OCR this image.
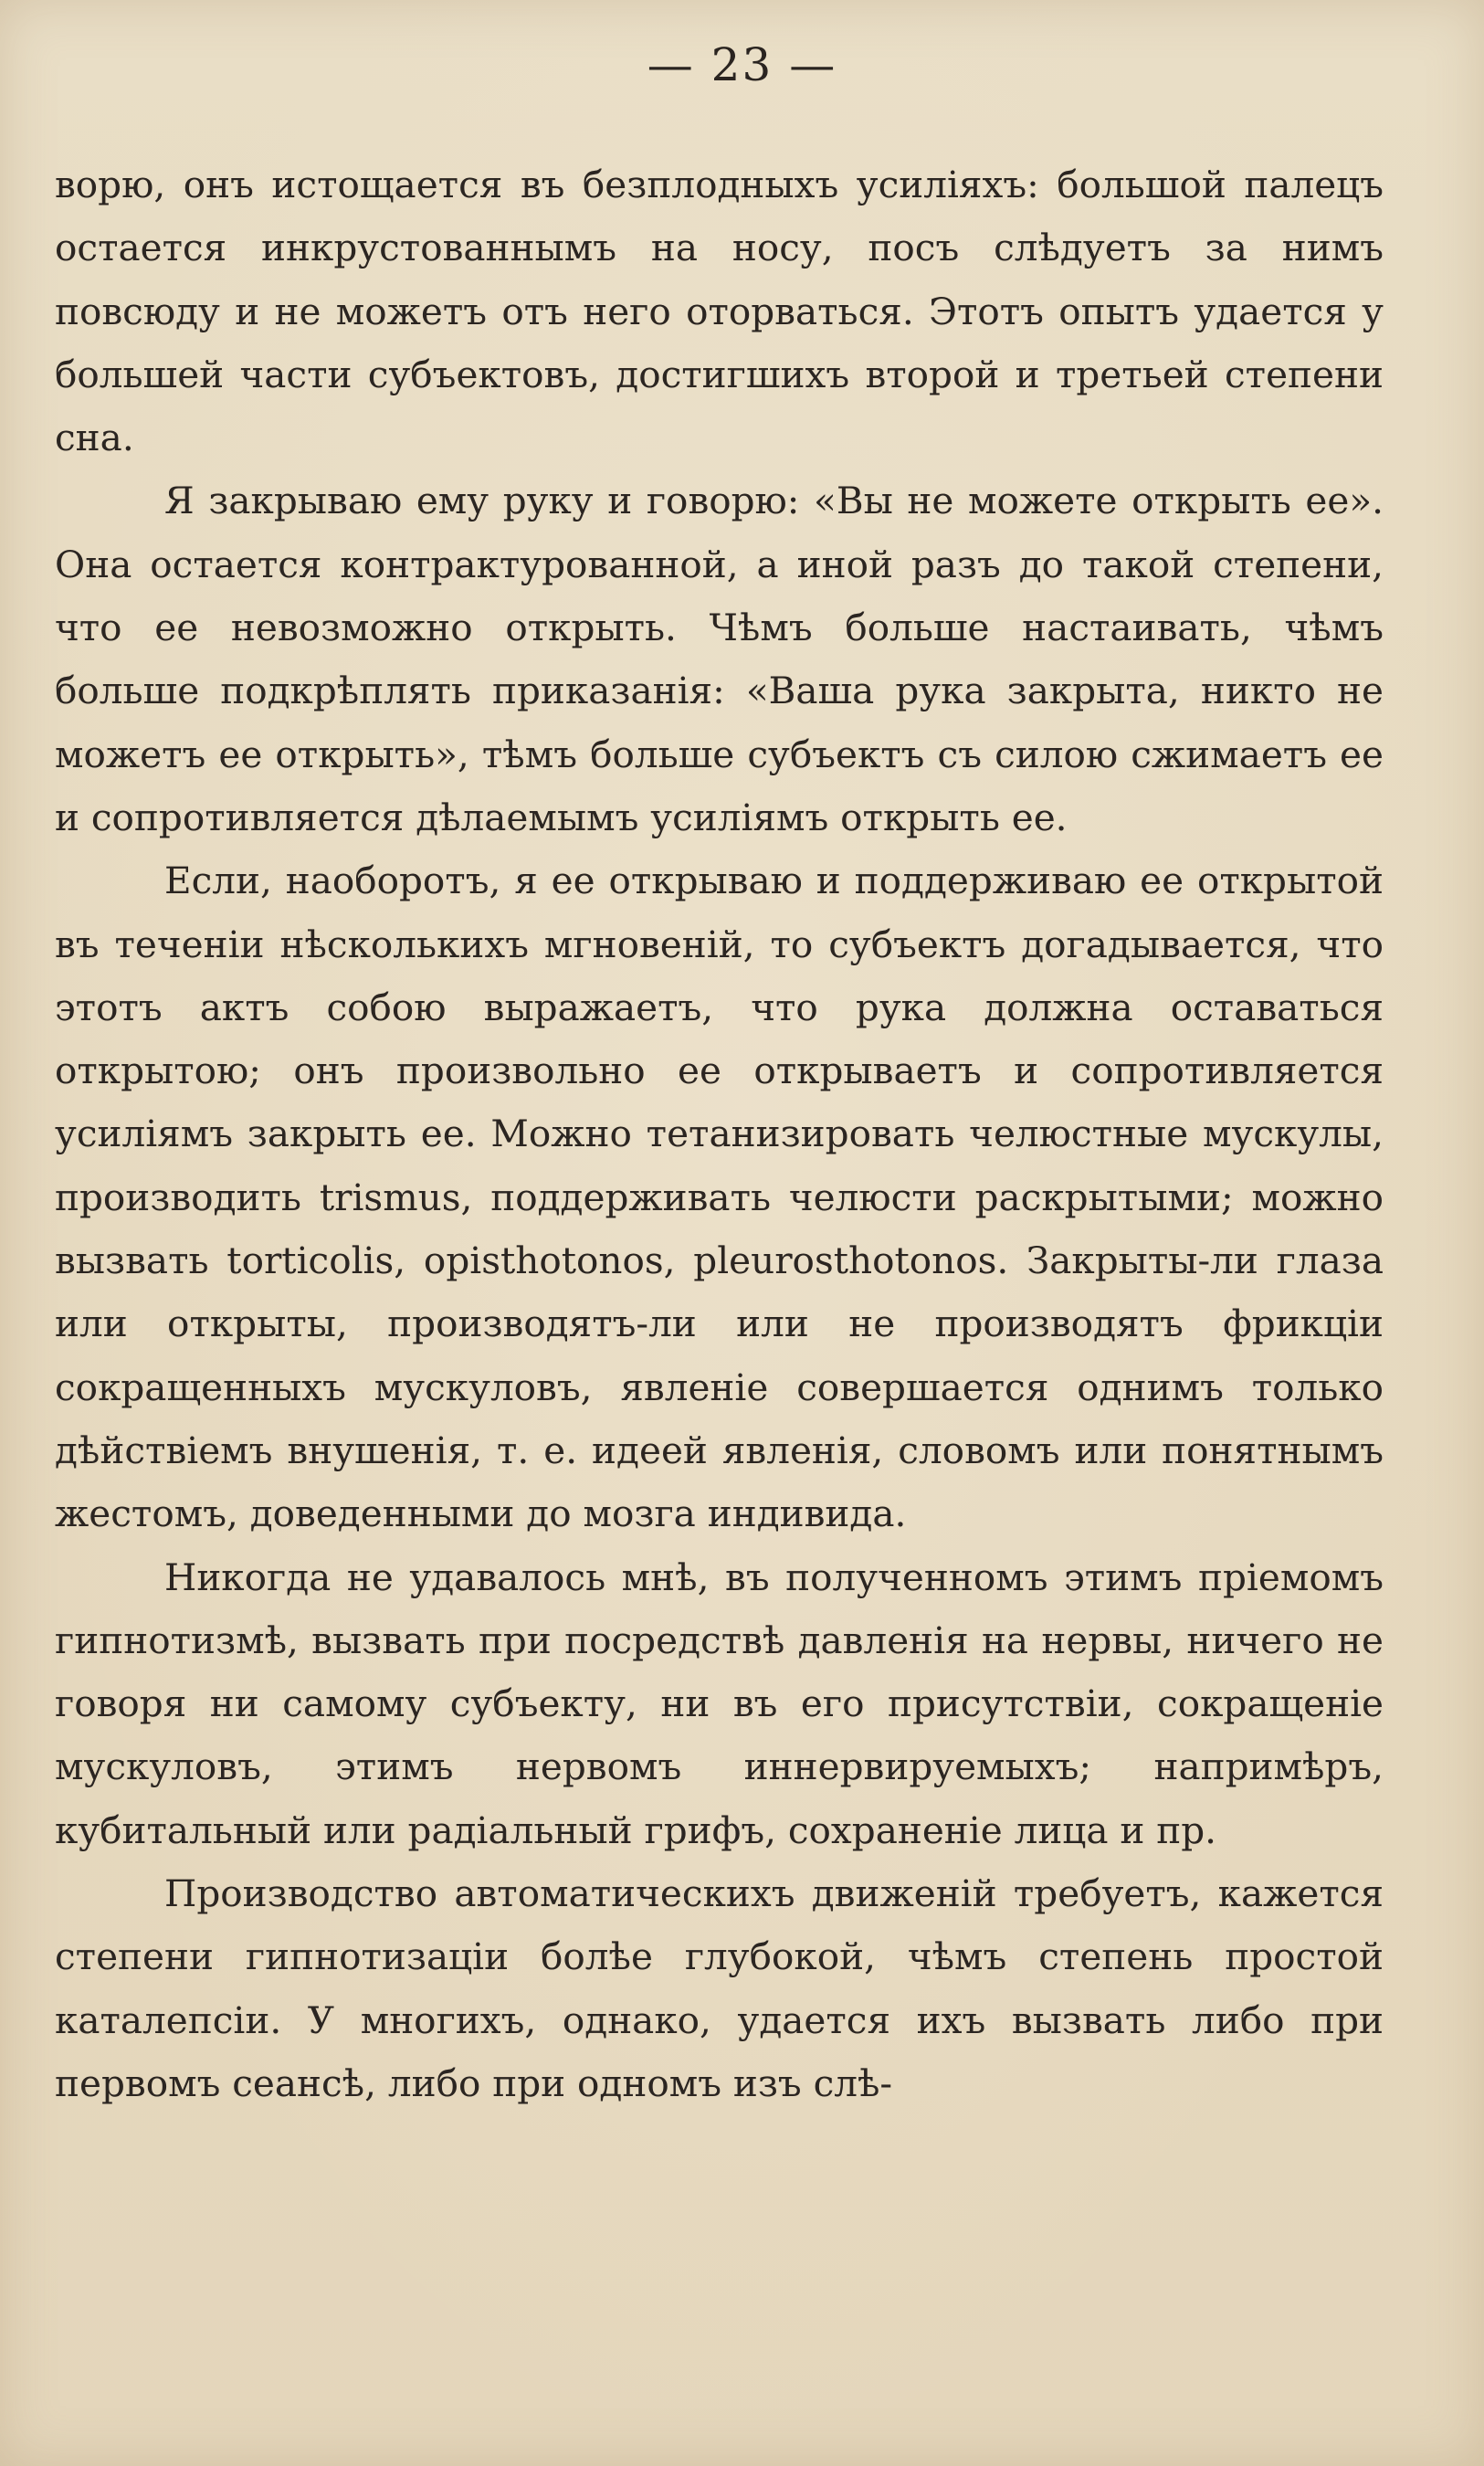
— 23 —

ворю, онъ истощается въ безплодныхъ усиліяхъ: большой палецъ остается инкрустованнымъ на носу, посъ слѣдуетъ за нимъ повсюду и не можетъ отъ него оторваться. Этотъ опытъ удается у большей части субъектовъ, достигшихъ второй и третьей степени сна.

Я закрываю ему руку и говорю: «Вы не можете открыть ее». Она остается контрактурованной, а иной разъ до такой степени, что ее невозможно открыть. Чѣмъ больше настаивать, чѣмъ больше подкрѣплять приказанія: «Ваша рука закрыта, никто не можетъ ее открыть», тѣмъ больше субъектъ съ силою сжимаетъ ее и сопротивляется дѣлаемымъ усиліямъ открыть ее.

Если, наоборотъ, я ее открываю и поддерживаю ее открытой въ теченіи нѣсколькихъ мгновеній, то субъектъ догадывается, что этотъ актъ собою выражаетъ, что рука должна оставаться открытою; онъ произвольно ее открываетъ и сопротивляется усиліямъ закрыть ее. Можно тетанизировать челюстные мускулы, производить trismus, поддерживать челюсти раскрытыми; можно вызвать torticolis, opisthotonos, pleurosthotonos. Закрыты-ли глаза или открыты, производятъ-ли или не производятъ фрикціи сокращенныхъ мускуловъ, явленіе совершается однимъ только дѣйствіемъ внушенія, т. е. идеей явленія, словомъ или понятнымъ жестомъ, доведенными до мозга индивида.

Никогда не удавалось мнѣ, въ полученномъ этимъ пріемомъ гипнотизмѣ, вызвать при посредствѣ давленія на нервы, ничего не говоря ни самому субъекту, ни въ его присутствіи, сокращеніе мускуловъ, этимъ нервомъ иннервируемыхъ; напримѣръ, кубитальный или радіальный грифъ, сохраненіе лица и пр.

Производство автоматическихъ движеній требуетъ, кажется степени гипнотизаціи болѣе глубокой, чѣмъ степень простой каталепсіи. У многихъ, однако, удается ихъ вызвать либо при первомъ сеансѣ, либо при одномъ изъ слѣ-
